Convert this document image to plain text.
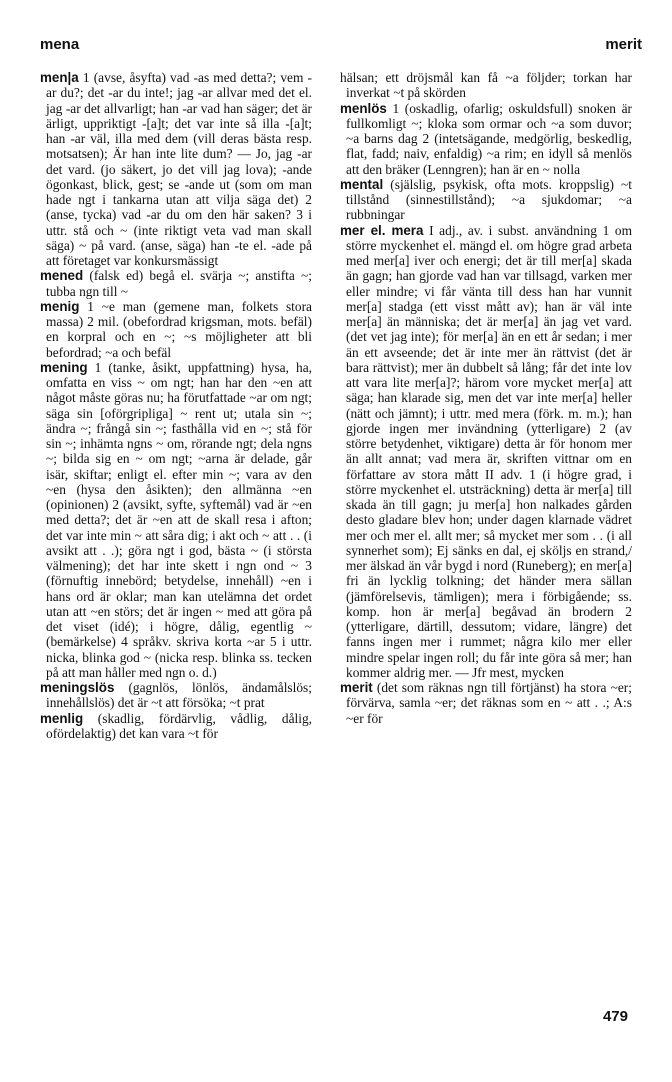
mena	merit

men|a 1 (avse, åsyfta) vad -as med detta?; vem -ar du?; det -ar du inte!; jag -ar allvar med det el. jag -ar det allvarligt; han -ar vad han säger; det är ärligt, uppriktigt -[a]t; det var inte så illa -[a]t; han -ar väl, illa med dem (vill deras bästa resp. motsatsen); Är han inte lite dum? — Jo, jag -ar det vard. (jo säkert, jo det vill jag lova); -ande ögonkast, blick, gest; se -ande ut (som om man hade ngt i tankarna utan att vilja säga det) 2 (anse, tycka) vad -ar du om den här saken? 3 i uttr. stå och ~ (inte riktigt veta vad man skall säga) ~ på vard. (anse, säga) han -te el. -ade på att företaget var konkursmässigt

mened (falsk ed) begå el. svärja ~; anstifta ~; tubba ngn till ~

menig 1 ~e man (gemene man, folkets stora massa) 2 mil. (obefordrad krigsman, mots. befäl) en korpral och en ~; ~s möjligheter att bli befordrad; ~a och befäl

mening 1 (tanke, åsikt, uppfattning) hysa, ha, omfatta en viss ~ om ngt; han har den ~en att något måste göras nu; ha förutfattade ~ar om ngt; säga sin [oförgripliga] ~ rent ut; utala sin ~; ändra ~; frångå sin ~; fasthålla vid en ~; stå för sin ~; inhämta ngns ~ om, rörande ngt; dela ngns ~; bilda sig en ~ om ngt; ~arna är delade, går isär, skiftar; enligt el. efter min ~; vara av den ~en (hysa den åsikten); den allmänna ~en (opinionen) 2 (avsikt, syfte, syftemål) vad är ~en med detta?; det är ~en att de skall resa i afton; det var inte min ~ att såra dig; i akt och ~ att . . (i avsikt att . .); göra ngt i god, bästa ~ (i största välmening); det har inte skett i ngn ond ~ 3 (förnuftig innebörd; betydelse, innehåll) ~en i hans ord är oklar; man kan utelämna det ordet utan att ~en störs; det är ingen ~ med att göra på det viset (idé); i högre, dålig, egentlig ~ (bemärkelse) 4 språkv. skriva korta ~ar 5 i uttr. nicka, blinka god ~ (nicka resp. blinka ss. tecken på att man håller med ngn o. d.)

meningslös (gagnlös, lönlös, ändamålslös; innehållslös) det är ~t att försöka; ~t prat

menlig (skadlig, fördärvlig, vådlig, dålig, ofördelaktig) det kan vara ~t för

hälsan; ett dröjsmål kan få ~a följder; torkan har inverkat ~t på skörden

menlös 1 (oskadlig, ofarlig; oskuldsfull) snoken är fullkomligt ~; kloka som ormar och ~a som duvor; ~a barns dag 2 (intetsägande, medgörlig, beskedlig, flat, fadd; naiv, enfaldig) ~a rim; en idyll så menlös att den bräker (Lenngren); han är en ~ nolla

mental (själslig, psykisk, ofta mots. kroppslig) ~t tillstånd (sinnestillstånd); ~a sjukdomar; ~a rubbningar

mer el. mera I adj., av. i subst. användning 1 om större myckenhet el. mängd el. om högre grad arbeta med mer[a] iver och energi; det är till mer[a] skada än gagn; han gjorde vad han var tillsagd, varken mer eller mindre; vi får vänta till dess han har vunnit mer[a] stadga (ett visst mått av); han är väl inte mer[a] än människa; det är mer[a] än jag vet vard. (det vet jag inte); för mer[a] än en ett år sedan; i mer än ett avseende; det är inte mer än rättvist (det är bara rättvist); mer än dubbelt så lång; får det inte lov att vara lite mer[a]?; härom vore mycket mer[a] att säga; han klarade sig, men det var inte mer[a] heller (nätt och jämnt); i uttr. med mera (förk. m. m.); han gjorde ingen mer invändning (ytterligare) 2 (av större betydenhet, viktigare) detta är för honom mer än allt annat; vad mera är, skriften vittnar om en författare av stora mått II adv. 1 (i högre grad, i större myckenhet el. utsträckning) detta är mer[a] till skada än till gagn; ju mer[a] hon nalkades gården desto gladare blev hon; under dagen klarnade vädret mer och mer el. allt mer; så mycket mer som . . (i all synnerhet som); Ej sänks en dal, ej sköljs en strand,/ mer älskad än vår bygd i nord (Runeberg); en mer[a] fri än lycklig tolkning; det händer mera sällan (jämförelsevis, tämligen); mera i förbigående; ss. komp. hon är mer[a] begåvad än brodern 2 (ytterligare, därtill, dessutom; vidare, längre) det fanns ingen mer i rummet; några kilo mer eller mindre spelar ingen roll; du får inte göra så mer; han kommer aldrig mer. — Jfr mest, mycken

merit (det som räknas ngn till förtjänst) ha stora ~er; förvärva, samla ~er; det räknas som en ~ att . .; A:s ~er för

479
